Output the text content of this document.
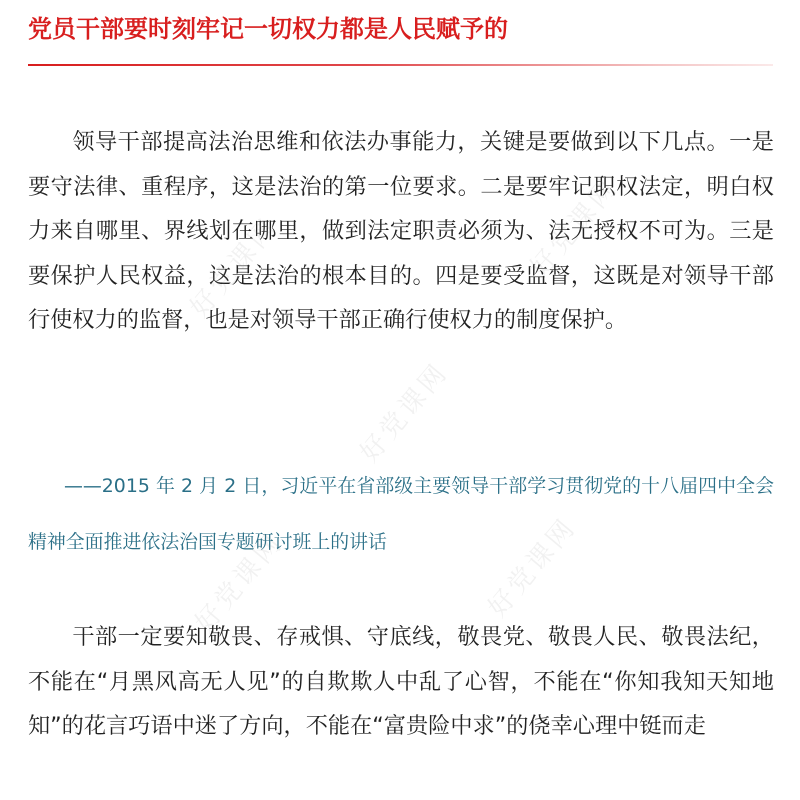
党员干部要时刻牢记一切权力都是人民赋予的

领导干部提高法治思维和依法办事能力，关键是要做到以下几点。一是要守法律、重程序，这是法治的第一位要求。二是要牢记职权法定，明白权力来自哪里、界线划在哪里，做到法定职责必须为、法无授权不可为。三是要保护人民权益，这是法治的根本目的。四是要受监督，这既是对领导干部行使权力的监督，也是对领导干部正确行使权力的制度保护。

——2015 年 2 月 2 日，习近平在省部级主要领导干部学习贯彻党的十八届四中全会精神全面推进依法治国专题研讨班上的讲话

干部一定要知敬畏、存戒惧、守底线，敬畏党、敬畏人民、敬畏法纪，不能在“月黑风高无人见”的自欺欺人中乱了心智，不能在“你知我知天知地知”的花言巧语中迷了方向，不能在“富贵险中求”的侥幸心理中铤而走

好党课网
好党课网
好党课网
好党课网	好党课网
